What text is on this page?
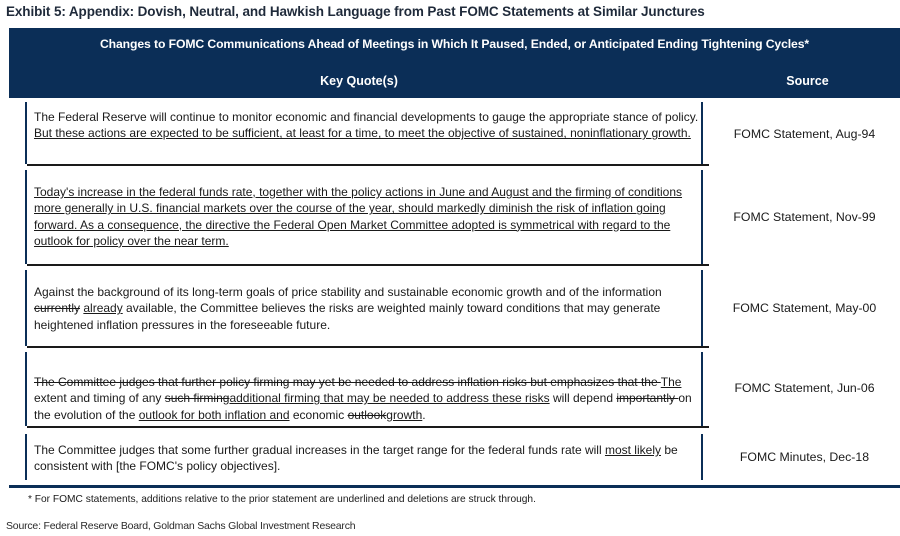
Exhibit 5: Appendix: Dovish, Neutral, and Hawkish Language from Past FOMC Statements at Similar Junctures
Changes to FOMC Communications Ahead of Meetings in Which It Paused, Ended, or Anticipated Ending Tightening Cycles*
Key Quote(s)	Source
The Federal Reserve will continue to monitor economic and financial developments to gauge the appropriate stance of policy. But these actions are expected to be sufficient, at least for a time, to meet the objective of sustained, noninflationary growth.	FOMC Statement, Aug-94
Today's increase in the federal funds rate, together with the policy actions in June and August and the firming of conditions more generally in U.S. financial markets over the course of the year, should markedly diminish the risk of inflation going forward. As a consequence, the directive the Federal Open Market Committee adopted is symmetrical with regard to the outlook for policy over the near term.
FOMC Statement, Nov-99
Against the background of its long-term goals of price stability and sustainable economic growth and of the information currently already available, the Committee believes the risks are weighted mainly toward conditions that may generate heightened inflation pressures in the foreseeable future.
FOMC Statement, May-00
The Committee judges that further policy firming may yet be needed to address inflation risks but emphasizes that the The extent and timing of any such firmingadditional firming that may be needed to address these risks will depend importantly on the evolution of the outlook for both inflation and economic outlookgrowth.
FOMC Statement, Jun-06
The Committee judges that some further gradual increases in the target range for the federal funds rate will most likely be consistent with [the FOMC's policy objectives].
FOMC Minutes, Dec-18
* For FOMC statements, additions relative to the prior statement are underlined and deletions are struck through.
Source: Federal Reserve Board, Goldman Sachs Global Investment Research
